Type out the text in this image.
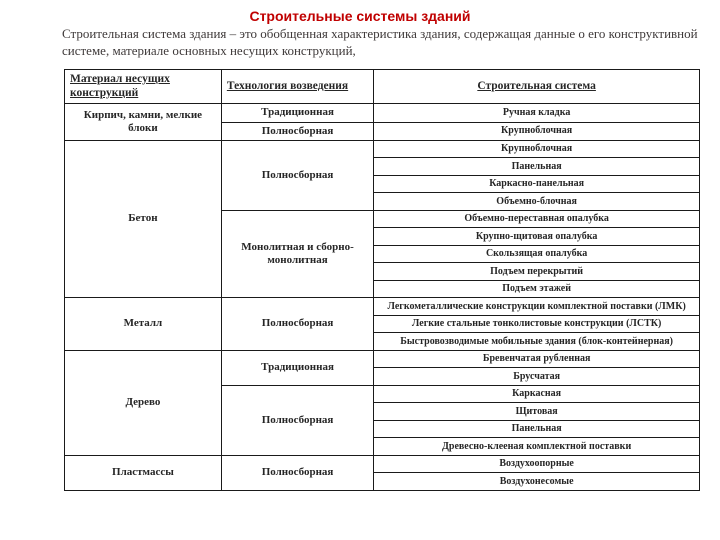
Строительные системы зданий
Строительная система здания – это обобщенная характеристика здания, содержащая данные о его конструктивной системе, материале основных несущих конструкций,
Материал несущих конструкций	Технология возведения	Строительная система
Кирпич, камни, мелкие блоки	Традиционная	Ручная кладка
	Полносборная	Крупноблочная
Бетон	Полносборная	Крупноблочная
		Панельная
		Каркасно-панельная
		Объемно-блочная
	Монолитная и сборно-монолитная	Объемно-переставная опалубка
		Крупно-щитовая опалубка
		Скользящая опалубка
		Подъем перекрытий
		Подъем этажей
Металл	Полносборная	Легкометаллические конструкции комплектной поставки (ЛМК)
		Легкие стальные тонколистовые конструкции (ЛСТК)
		Быстровозводимые мобильные здания (блок-контейнерная)
Дерево	Традиционная	Бревенчатая рубленная
		Брусчатая
	Полносборная	Каркасная
		Щитовая
		Панельная
		Древесно-клееная комплектной поставки
Пластмассы	Полносборная	Воздухоопорные
		Воздухонесомые
